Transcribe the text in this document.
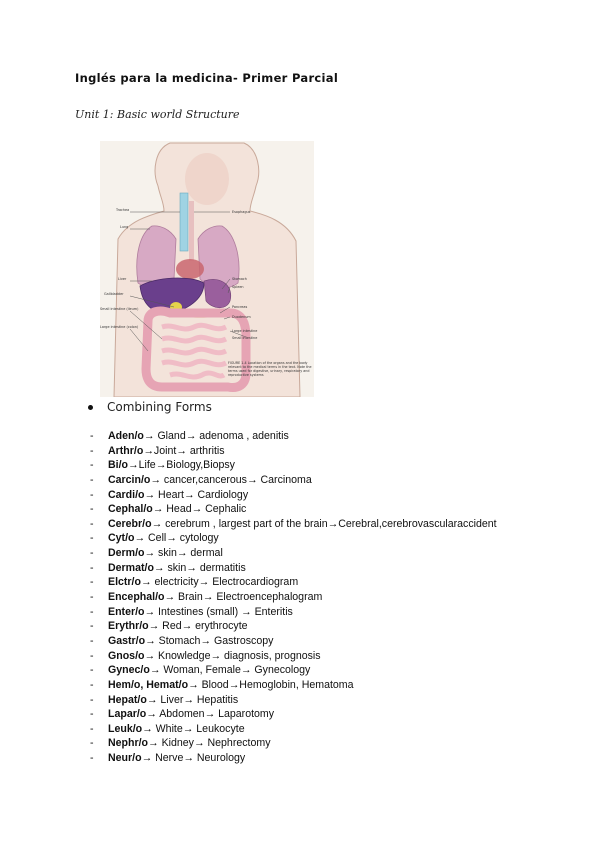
Inglés para la medicina- Primer Parcial
Unit 1: Basic world Structure
Trachea
Lung
Liver
Gallbladder
Small intestine (ileum)
Large intestine (colon)
Esophagus
Stomach
Spleen
Pancreas
Duodenum
Large intestine
Small intestine
FIGURE 1-4 Location of the organs and the body relevant to the medical terms in the text. Note the terms used for digestive, urinary, respiratory and reproductive systems
Combining Forms
-	Aden/o → Gland→ adenoma , adenitis
-	Arthr/o →Joint→ arthritis
-	Bi/o →Life→Biology,Biopsy
-	Carcin/o → cancer,cancerous→ Carcinoma
-	Cardi/o → Heart→ Cardiology
-	Cephal/o → Head→ Cephalic
-	Cerebr/o → cerebrum , largest part of the brain→Cerebral,cerebrovascularaccident
-	Cyt/o → Cell→ cytology
-	Derm/o → skin→ dermal
-	Dermat/o → skin→ dermatitis
-	Elctr/o → electricity→ Electrocardiogram
-	Encephal/o → Brain→ Electroencephalogram
-	Enter/o → Intestines (small) → Enteritis
-	Erythr/o → Red→ erythrocyte
-	Gastr/o → Stomach→ Gastroscopy
-	Gnos/o → Knowledge→ diagnosis, prognosis
-	Gynec/o → Woman, Female→ Gynecology
-	Hem/o, Hemat/o → Blood→Hemoglobin, Hematoma
-	Hepat/o → Liver→ Hepatitis
-	Lapar/o → Abdomen→ Laparotomy
-	Leuk/o → White→ Leukocyte
-	Nephr/o → Kidney→ Nephrectomy
-	Neur/o → Nerve→ Neurology
